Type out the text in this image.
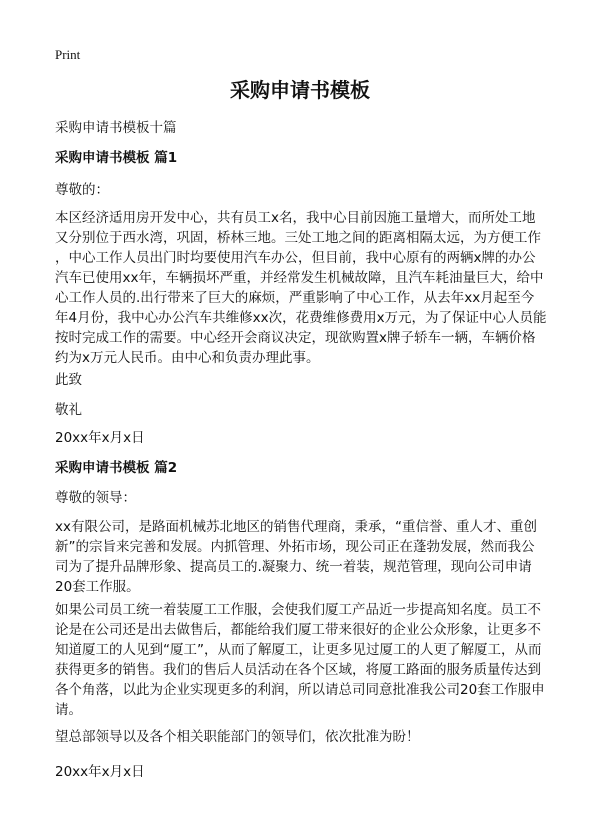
Print
采购申请书模板
采购申请书模板十篇
采购申请书模板 篇1
尊敬的：
本区经济适用房开发中心，共有员工x名，我中心目前因施工量增大，而所处工地
又分别位于西水湾，巩固，桥林三地。三处工地之间的距离相隔太远，为方便工作
，中心工作人员出门时均要使用汽车办公，但目前，我中心原有的两辆x牌的办公
汽车已使用xx年，车辆损坏严重，并经常发生机械故障，且汽车耗油量巨大，给中
心工作人员的.出行带来了巨大的麻烦，严重影响了中心工作，从去年xx月起至今
年4月份，我中心办公汽车共维修xx次，花费维修费用x万元，为了保证中心人员能
按时完成工作的需要。中心经开会商议决定，现欲购置x牌子轿车一辆，车辆价格
约为x万元人民币。由中心和负责办理此事。
此致
敬礼
20xx年x月x日
采购申请书模板 篇2
尊敬的领导：
xx有限公司，是路面机械苏北地区的销售代理商，秉承，“重信誉、重人才、重创
新”的宗旨来完善和发展。内抓管理、外拓市场，现公司正在蓬勃发展，然而我公
司为了提升品牌形象、提高员工的.凝聚力、统一着装，规范管理，现向公司申请
20套工作服。
如果公司员工统一着装厦工工作服，会使我们厦工产品近一步提高知名度。员工不
论是在公司还是出去做售后，都能给我们厦工带来很好的企业公众形象，让更多不
知道厦工的人见到“厦工”，从而了解厦工，让更多见过厦工的人更了解厦工，从而
获得更多的销售。我们的售后人员活动在各个区域，将厦工路面的服务质量传达到
各个角落，以此为企业实现更多的利润，所以请总司同意批准我公司20套工作服申
请。
望总部领导以及各个相关职能部门的领导们，依次批准为盼！
20xx年x月x日
